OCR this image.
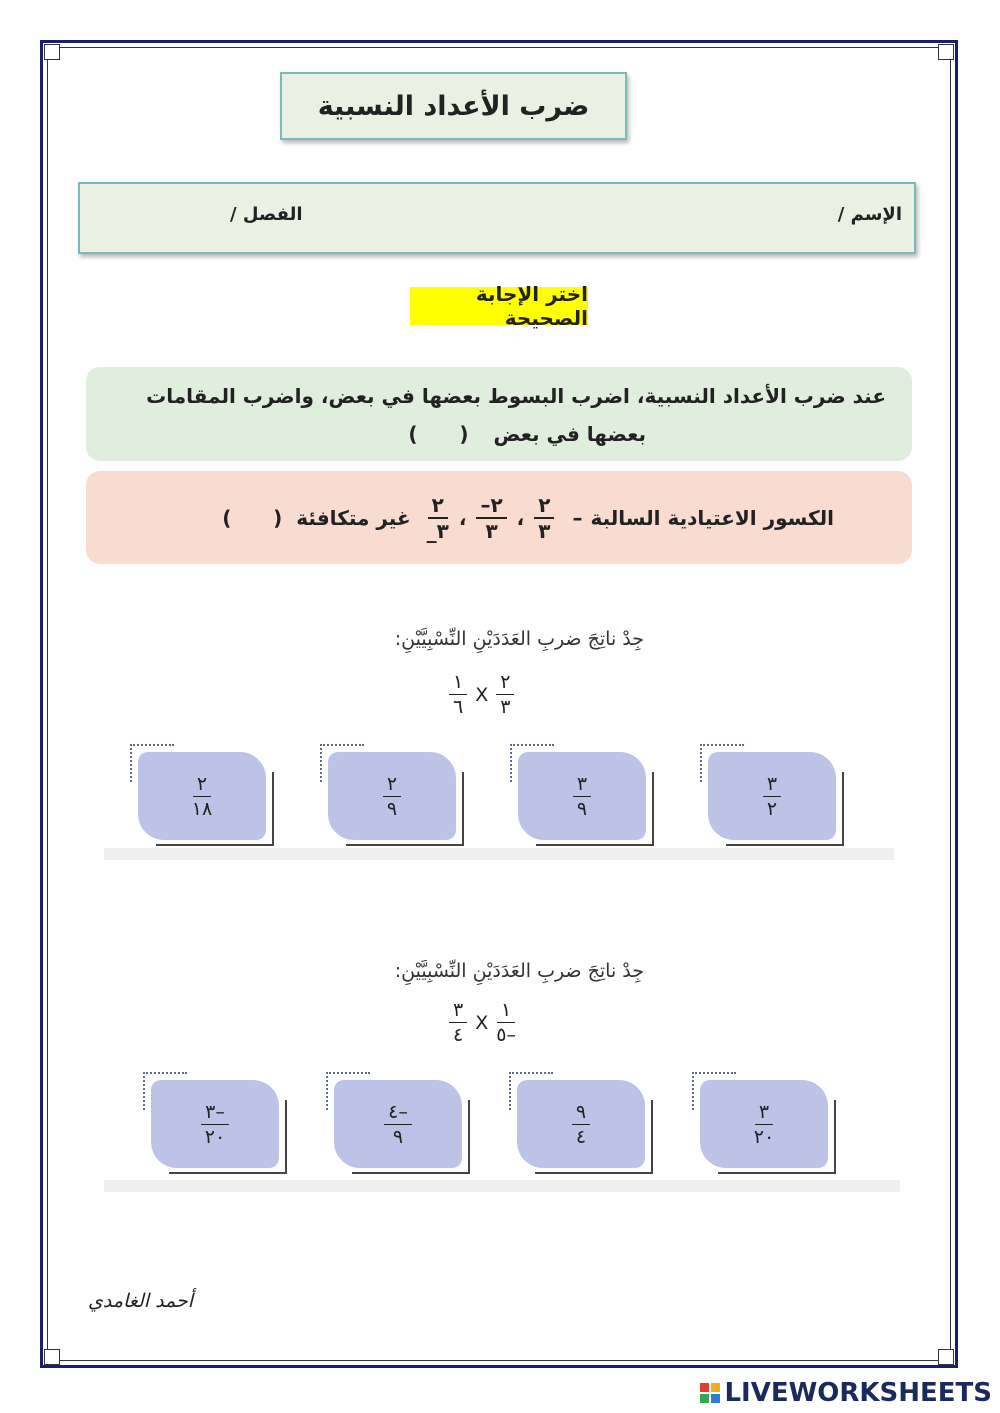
ضرب الأعداد النسبية
الإسم /
الفصل /
اختر الإجابة الصحيحة
عند ضرب الأعداد النسبية، اضرب البسوط بعضها في بعض، واضرب المقامات
بعضها في بعض (      )
الكسور الاعتيادية السالبة
–
$\frac{٢}{٣}$
،
$\frac{٢-}{٣}$
،
$\frac{٢}{٣\_}$
غير متكافئة
(      )
جِدْ ناتِجَ ضربِ العَدَدَيْنِ النِّسْبِيَّيْنِ:
$\frac{١}{٦}$ X $\frac{٢}{٣}$
$\frac{٣}{٢}$
$\frac{٣}{٩}$
$\frac{٢}{٩}$
$\frac{٢}{١٨}$
جِدْ ناتِجَ ضربِ العَدَدَيْنِ النِّسْبِيَّيْنِ:
$\frac{٣}{٤}$ X $\frac{١}{٥-}$
$\frac{٣}{٢٠}$
$\frac{٩}{٤}$
$\frac{٤-}{٩}$
$\frac{٣-}{٢٠}$
أحمد الغامدي
LIVEWORKSHEETS
